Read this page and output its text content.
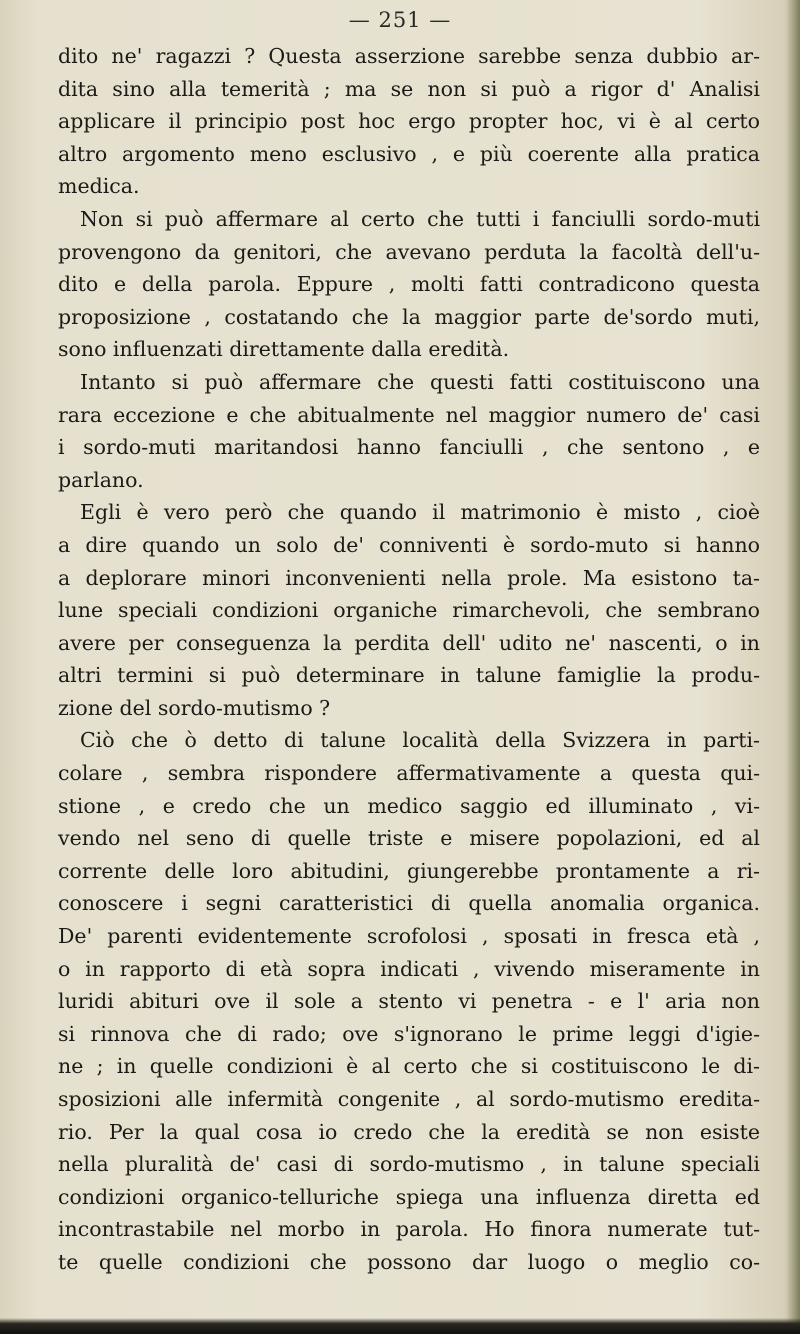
— 251 —
dito ne' ragazzi ? Questa asserzione sarebbe senza dubbio ar-
dita sino alla temerità ; ma se non si può a rigor d' Analisi
applicare il principio post hoc ergo propter hoc, vi è al certo
altro argomento meno esclusivo , e più coerente alla pratica
medica.
Non si può affermare al certo che tutti i fanciulli sordo-muti
provengono da genitori, che avevano perduta la facoltà dell'u-
dito e della parola. Eppure , molti fatti contradicono questa
proposizione , costatando che la maggior parte de'sordo muti,
sono influenzati direttamente dalla eredità.
Intanto si può affermare che questi fatti costituiscono una
rara eccezione e che abitualmente nel maggior numero de' casi
i sordo-muti maritandosi hanno fanciulli , che sentono , e
parlano.
Egli è vero però che quando il matrimonio è misto , cioè
a dire quando un solo de' conniventi è sordo-muto si hanno
a deplorare minori inconvenienti nella prole. Ma esistono ta-
lune speciali condizioni organiche rimarchevoli, che sembrano
avere per conseguenza la perdita dell' udito ne' nascenti, o in
altri termini si può determinare in talune famiglie la produ-
zione del sordo-mutismo ?
Ciò che ò detto di talune località della Svizzera in parti-
colare , sembra rispondere affermativamente a questa qui-
stione , e credo che un medico saggio ed illuminato , vi-
vendo nel seno di quelle triste e misere popolazioni, ed al
corrente delle loro abitudini, giungerebbe prontamente a ri-
conoscere i segni caratteristici di quella anomalia organica.
De' parenti evidentemente scrofolosi , sposati in fresca età ,
o in rapporto di età sopra indicati , vivendo miseramente in
luridi abituri ove il sole a stento vi penetra - e l' aria non
si rinnova che di rado; ove s'ignorano le prime leggi d'igie-
ne ; in quelle condizioni è al certo che si costituiscono le di-
sposizioni alle infermità congenite , al sordo-mutismo eredita-
rio. Per la qual cosa io credo che la eredità se non esiste
nella pluralità de' casi di sordo-mutismo , in talune speciali
condizioni organico-telluriche spiega una influenza diretta ed
incontrastabile nel morbo in parola. Ho finora numerate tut-
te quelle condizioni che possono dar luogo o meglio co-
